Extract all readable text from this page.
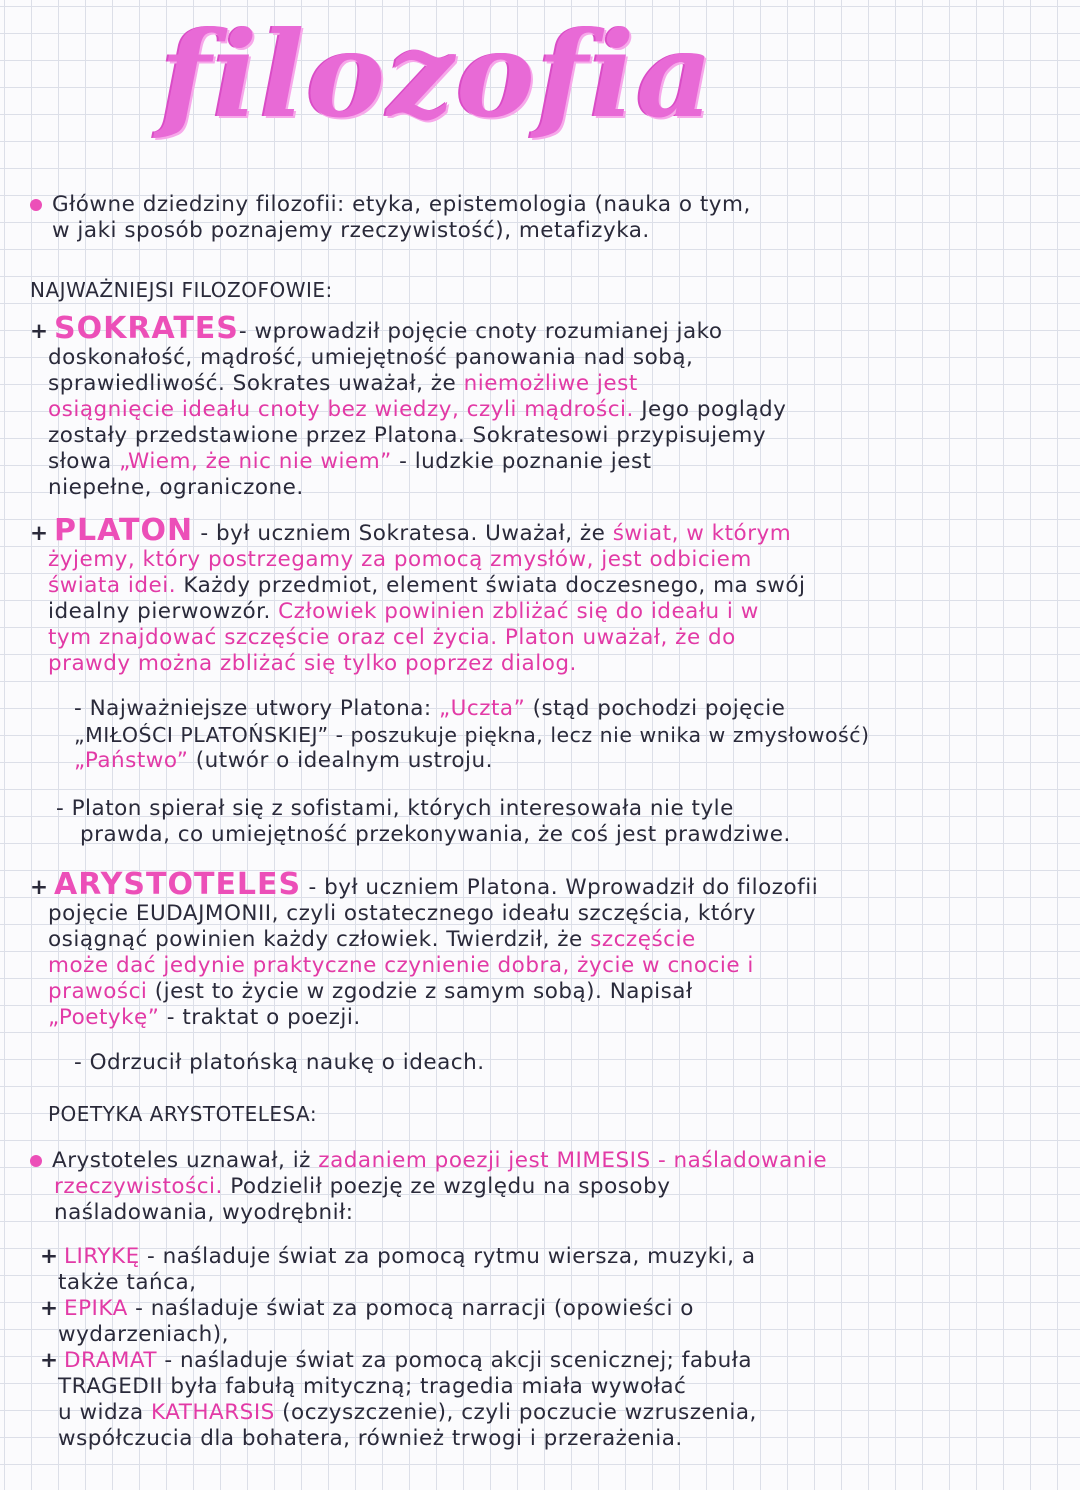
filozofia
Główne dziedziny filozofii: etyka, epistemologia (nauka o tym,
w jaki sposób poznajemy rzeczywistość), metafizyka.
NAJWAŻNIEJSI FILOZOFOWIE:
+ SOKRATES- wprowadził pojęcie cnoty rozumianej jako
doskonałość, mądrość, umiejętność panowania nad sobą,
sprawiedliwość. Sokrates uważał, że niemożliwe jest
osiągnięcie ideału cnoty bez wiedzy, czyli mądrości. Jego poglądy
zostały przedstawione przez Platona. Sokratesowi przypisujemy
słowa „Wiem, że nic nie wiem” - ludzkie poznanie jest
niepełne, ograniczone.
+ PLATON - był uczniem Sokratesa. Uważał, że świat, w którym
żyjemy, który postrzegamy za pomocą zmysłów, jest odbiciem
świata idei. Każdy przedmiot, element świata doczesnego, ma swój
idealny pierwowzór. Człowiek powinien zbliżać się do ideału i w
tym znajdować szczęście oraz cel życia. Platon uważał, że do
prawdy można zbliżać się tylko poprzez dialog.
- Najważniejsze utwory Platona: „Uczta” (stąd pochodzi pojęcie
„MIŁOŚCI PLATOŃSKIEJ” - poszukuje piękna, lecz nie wnika w zmysłowość)
„Państwo” (utwór o idealnym ustroju.
- Platon spierał się z sofistami, których interesowała nie tyle
prawda, co umiejętność przekonywania, że coś jest prawdziwe.
+ ARYSTOTELES - był uczniem Platona. Wprowadził do filozofii
pojęcie EUDAJMONII, czyli ostatecznego ideału szczęścia, który
osiągnąć powinien każdy człowiek. Twierdził, że szczęście
może dać jedynie praktyczne czynienie dobra, życie w cnocie i
prawości (jest to życie w zgodzie z samym sobą). Napisał
„Poetykę” - traktat o poezji.
- Odrzucił platońską naukę o ideach.
POETYKA ARYSTOTELESA:
Arystoteles uznawał, iż zadaniem poezji jest MIMESIS - naśladowanie
rzeczywistości. Podzielił poezję ze względu na sposoby
naśladowania, wyodrębnił:
+ LIRYKĘ - naśladuje świat za pomocą rytmu wiersza, muzyki, a
także tańca,
+ EPIKA - naśladuje świat za pomocą narracji (opowieści o
wydarzeniach),
+ DRAMAT - naśladuje świat za pomocą akcji scenicznej; fabuła
TRAGEDII była fabułą mityczną; tragedia miała wywołać
u widza KATHARSIS (oczyszczenie), czyli poczucie wzruszenia,
współczucia dla bohatera, również trwogi i przerażenia.
